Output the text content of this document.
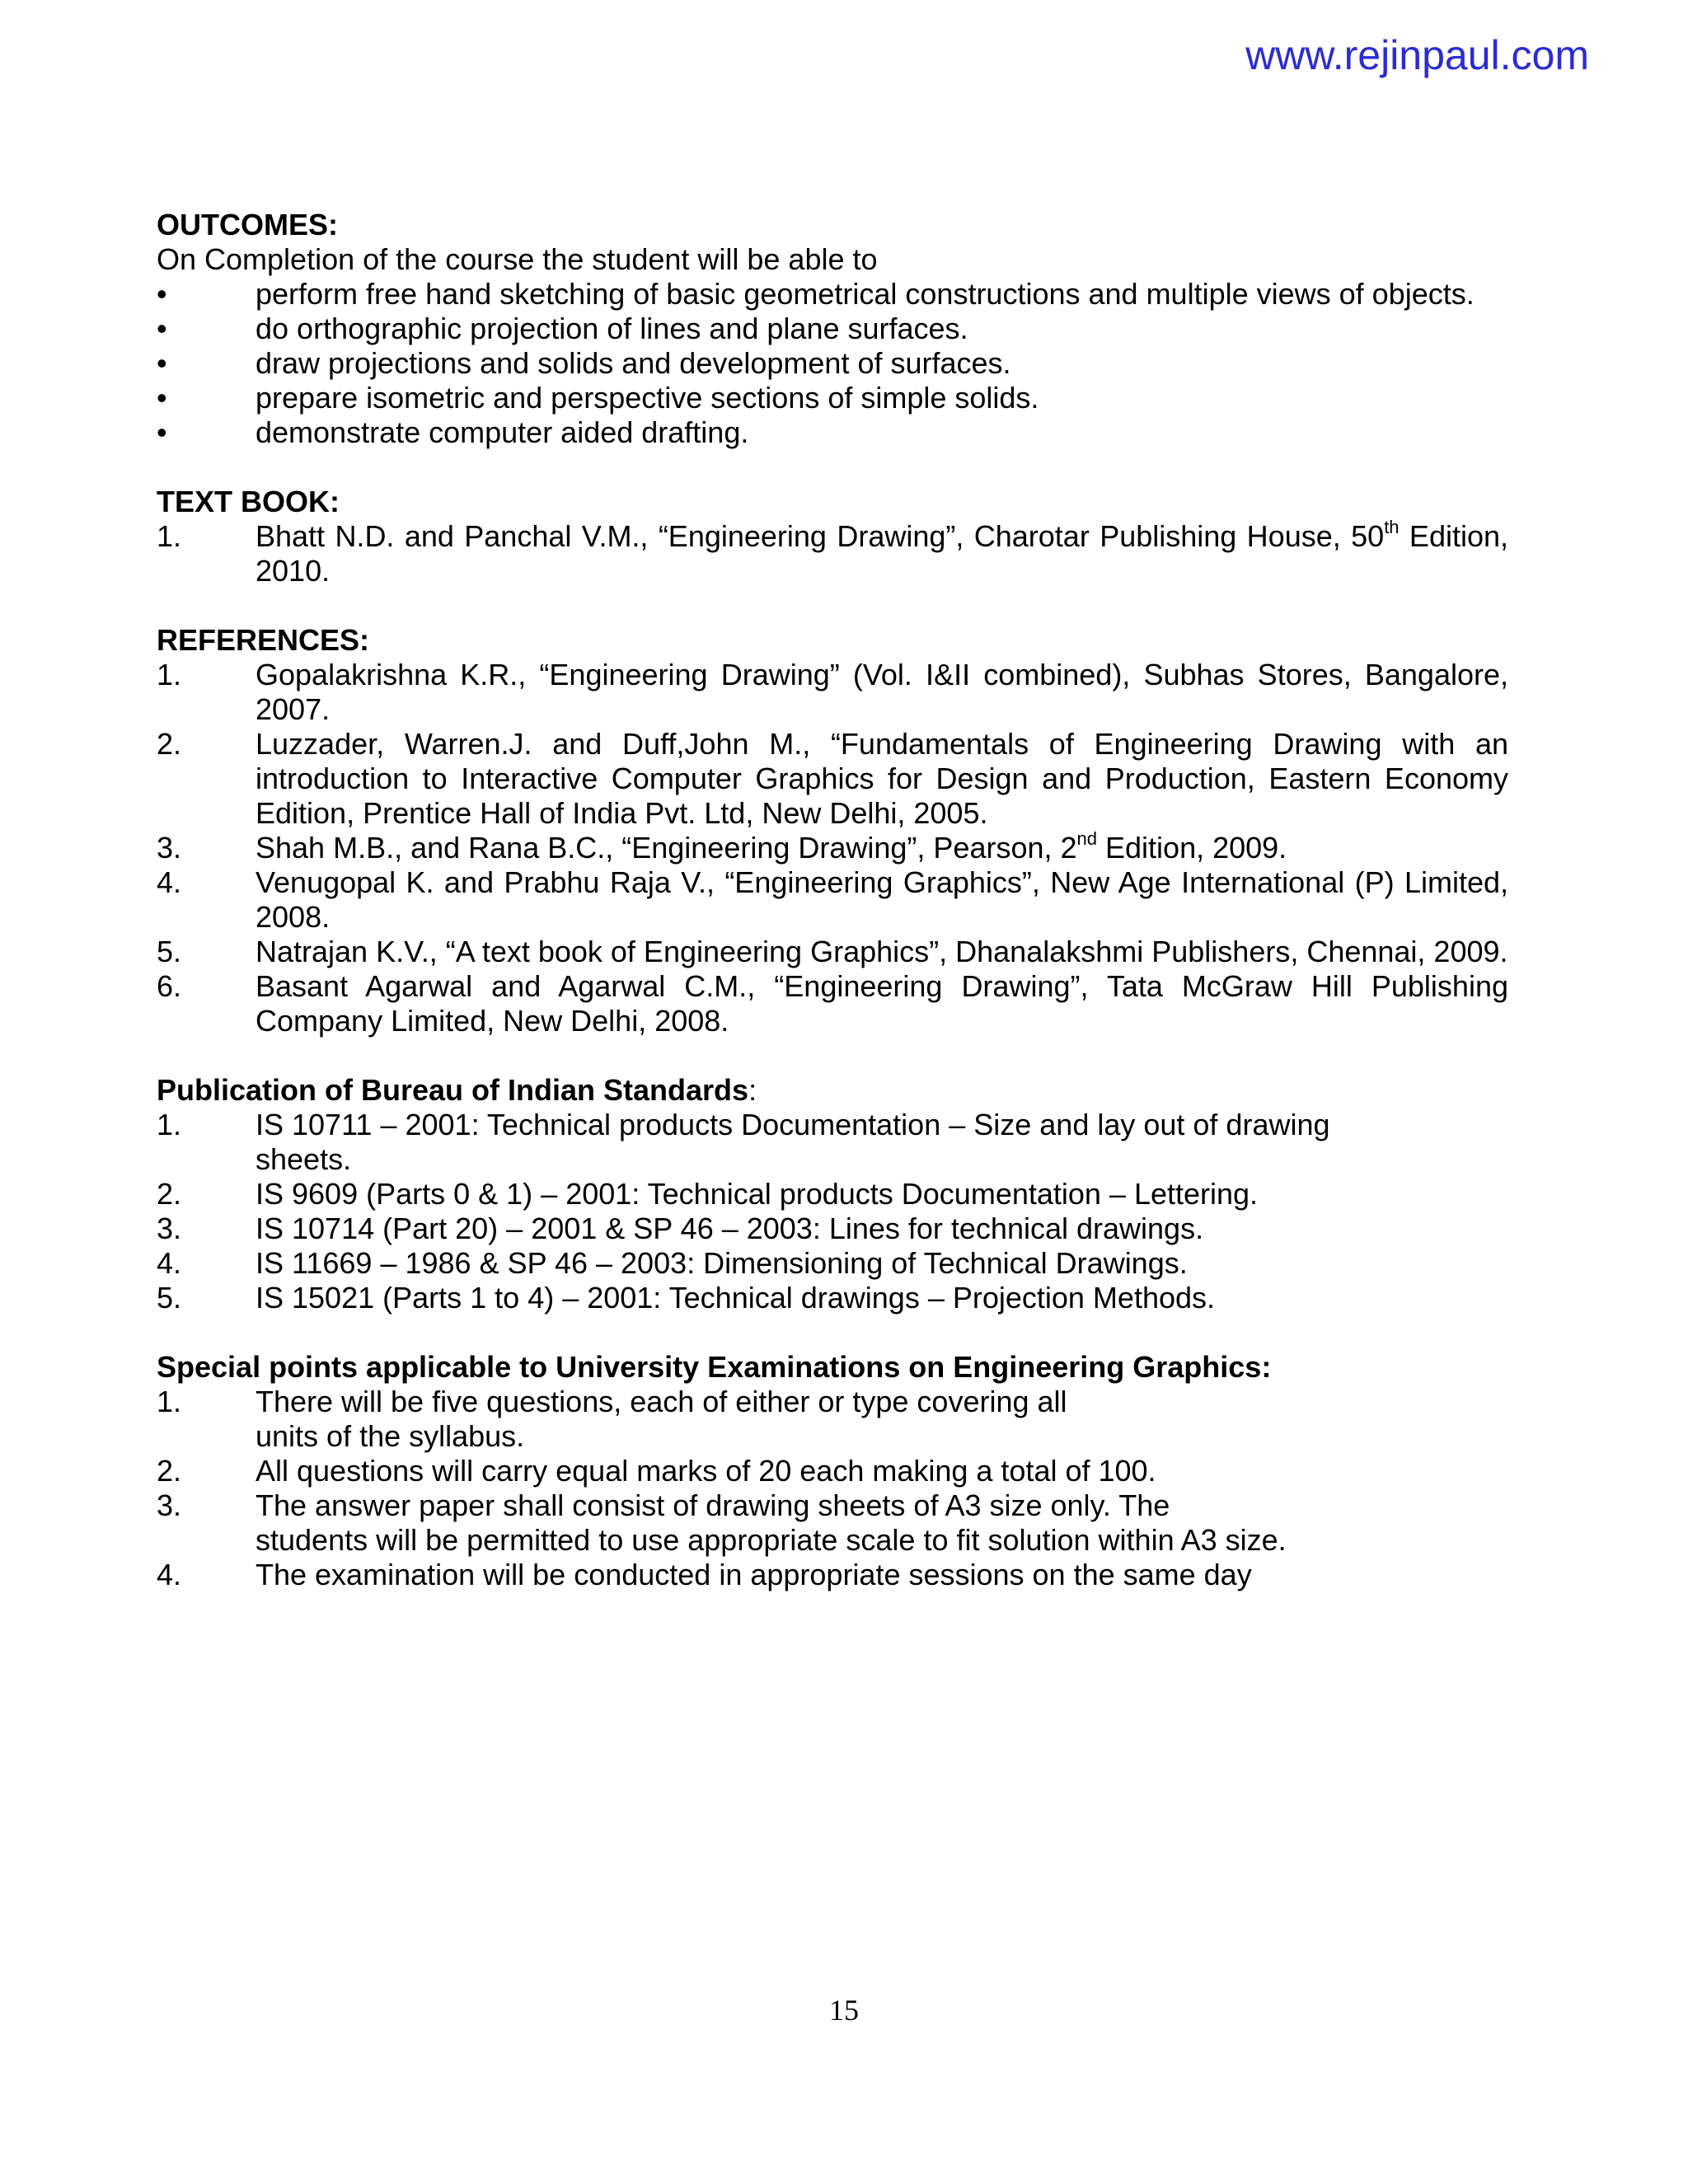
www.rejinpaul.com

OUTCOMES:

On Completion of the course the student will be able to

•	perform free hand sketching of basic geometrical constructions and multiple views of objects.
•	do orthographic projection of lines and plane surfaces.
•	draw projections and solids and development of surfaces.
•	prepare isometric and perspective sections of simple solids.
•	demonstrate computer aided drafting.

TEXT BOOK:

1.	Bhatt N.D. and Panchal V.M., “Engineering Drawing”, Charotar Publishing House, 50th Edition, 2010.

REFERENCES:

1.	Gopalakrishna K.R., “Engineering Drawing” (Vol. I&II combined), Subhas Stores, Bangalore, 2007.
2.	Luzzader, Warren.J. and Duff,John M., “Fundamentals of Engineering Drawing with an introduction to Interactive Computer Graphics for Design and Production, Eastern Economy Edition, Prentice Hall of India Pvt. Ltd, New Delhi, 2005.
3.	Shah M.B., and Rana B.C., “Engineering Drawing”, Pearson, 2nd Edition, 2009.
4.	Venugopal K. and Prabhu Raja V., “Engineering Graphics”, New Age International (P) Limited, 2008.
5.	Natrajan K.V., “A text book of Engineering Graphics”, Dhanalakshmi Publishers, Chennai, 2009.
6.	Basant Agarwal and Agarwal C.M., “Engineering Drawing”, Tata McGraw Hill Publishing Company Limited, New Delhi, 2008.

Publication of Bureau of Indian Standards:

1.	IS 10711 – 2001: Technical products Documentation – Size and lay out of drawing
sheets.
2.	IS 9609 (Parts 0 & 1) – 2001: Technical products Documentation – Lettering.
3.	IS 10714 (Part 20) – 2001 & SP 46 – 2003: Lines for technical drawings.
4.	IS 11669 – 1986 & SP 46 – 2003: Dimensioning of Technical Drawings.
5.	IS 15021 (Parts 1 to 4) – 2001: Technical drawings – Projection Methods.

Special points applicable to University Examinations on Engineering Graphics:

1.	There will be five questions, each of either or type covering all
units of the syllabus.
2.	All questions will carry equal marks of 20 each making a total of 100.
3.	The answer paper shall consist of drawing sheets of A3 size only. The
students will be permitted to use appropriate scale to fit solution within A3 size.
4.	The examination will be conducted in appropriate sessions on the same day
15
